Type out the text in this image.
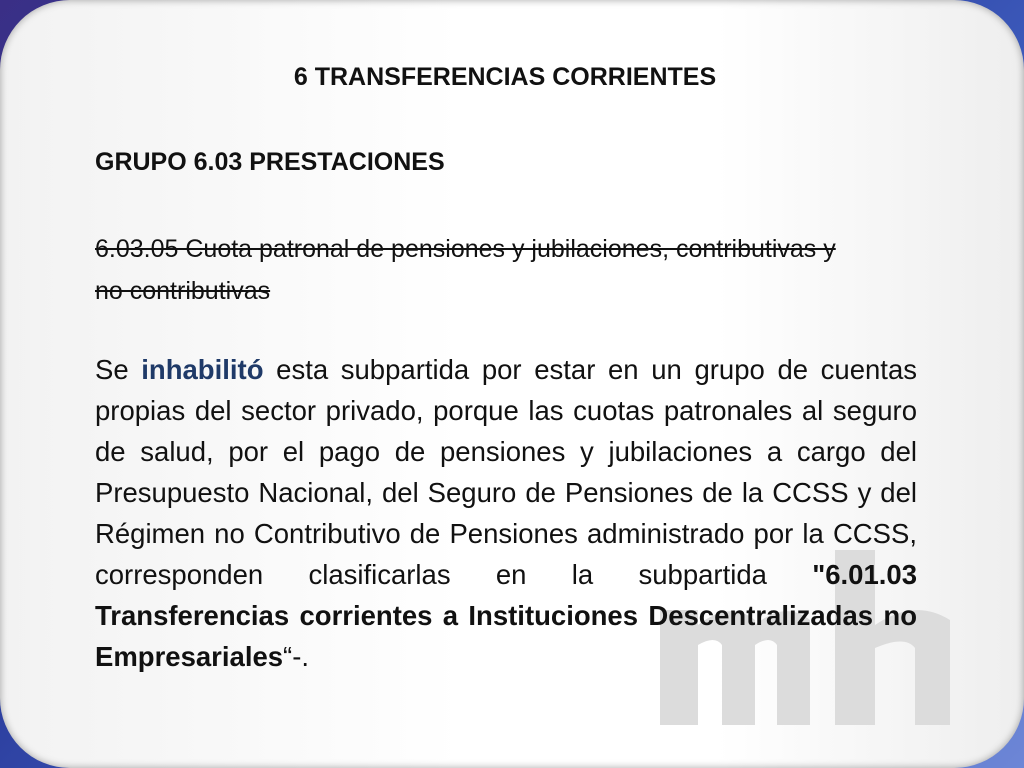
6 TRANSFERENCIAS CORRIENTES
GRUPO 6.03 PRESTACIONES
6.03.05 Cuota patronal de pensiones y jubilaciones, contributivas y no contributivas
Se inhabilitó esta subpartida por estar en un grupo de cuentas propias del sector privado, porque las cuotas patronales al seguro de salud, por el pago de pensiones y jubilaciones a cargo del Presupuesto Nacional, del Seguro de Pensiones de la CCSS y del Régimen no Contributivo de Pensiones administrado por la CCSS, corresponden clasificarlas en la subpartida "6.01.03 Transferencias corrientes a Instituciones Descentralizadas no Empresariales“-.
